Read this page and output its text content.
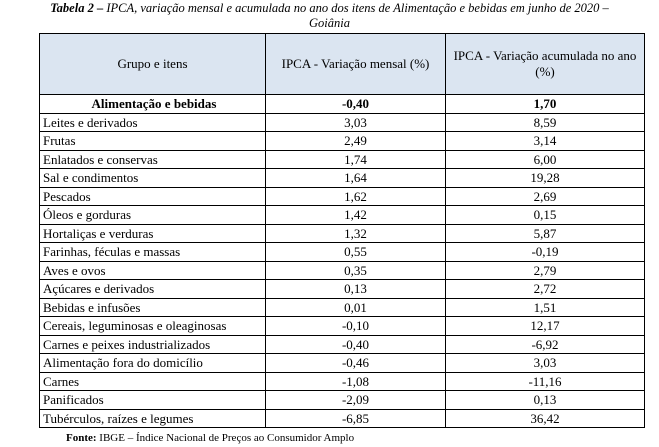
Tabela 2 – IPCA, variação mensal e acumulada no ano dos itens de Alimentação e bebidas em junho de 2020 –
Goiânia
Grupo e itens	IPCA - Variação mensal (%)	IPCA - Variação acumulada no ano (%)
Alimentação e bebidas	-0,40	1,70
Leites e derivados	3,03	8,59
Frutas	2,49	3,14
Enlatados e conservas	1,74	6,00
Sal e condimentos	1,64	19,28
Pescados	1,62	2,69
Óleos e gorduras	1,42	0,15
Hortaliças e verduras	1,32	5,87
Farinhas, féculas e massas	0,55	-0,19
Aves e ovos	0,35	2,79
Açúcares e derivados	0,13	2,72
Bebidas e infusões	0,01	1,51
Cereais, leguminosas e oleaginosas	-0,10	12,17
Carnes e peixes industrializados	-0,40	-6,92
Alimentação fora do domicílio	-0,46	3,03
Carnes	-1,08	-11,16
Panificados	-2,09	0,13
Tubérculos, raízes e legumes	-6,85	36,42
Fonte: IBGE – Índice Nacional de Preços ao Consumidor Amplo
